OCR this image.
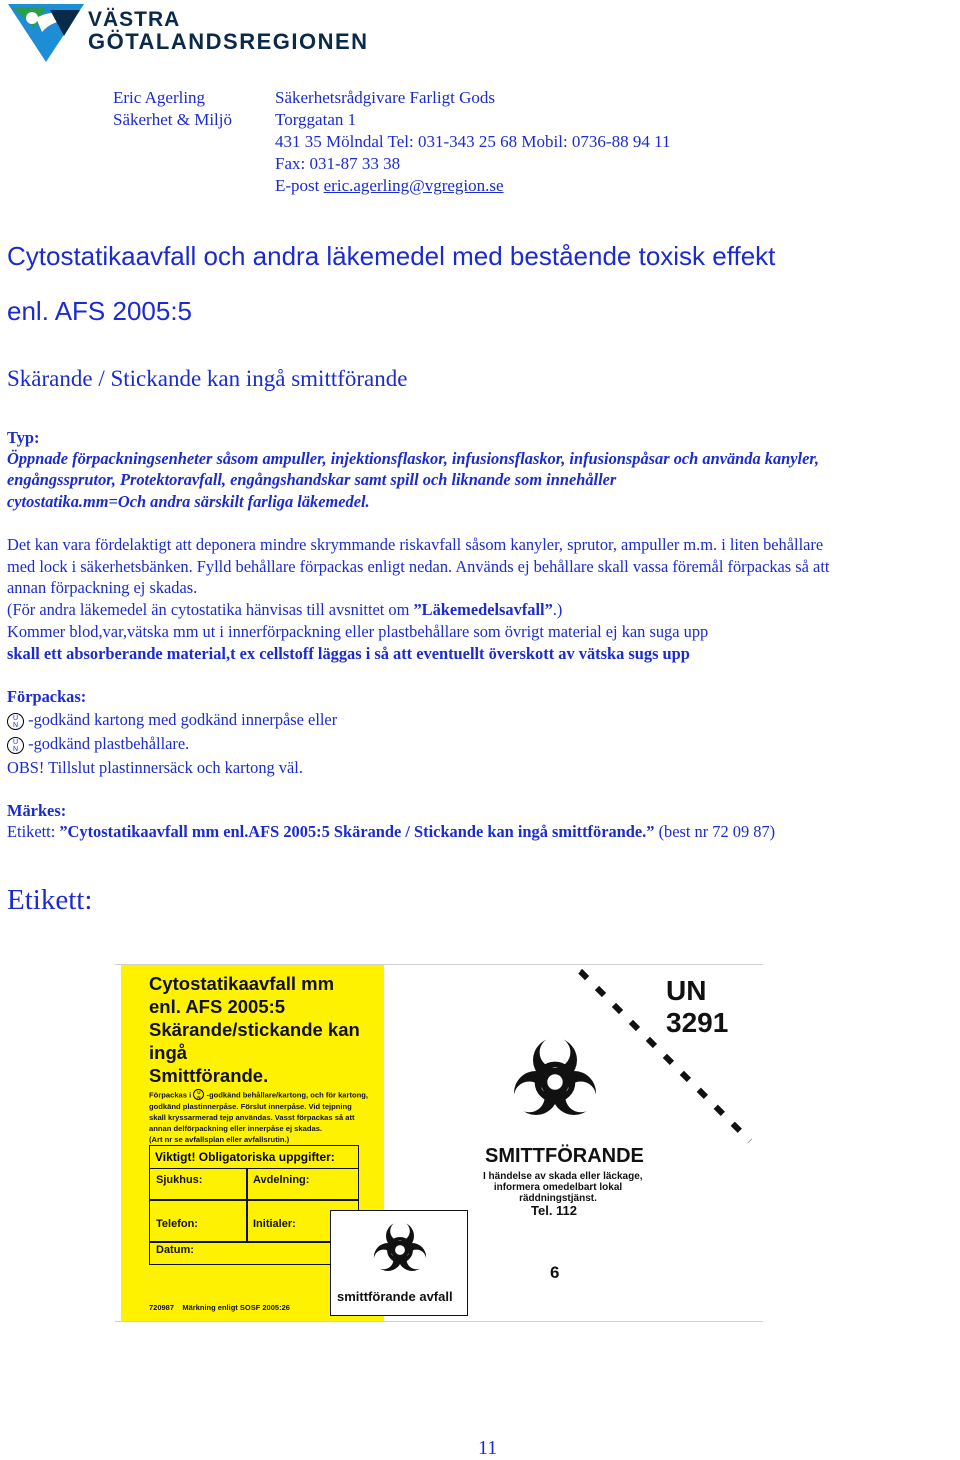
VÄSTRA
GÖTALANDSREGIONEN
Eric Agerling
Säkerhet & Miljö
Säkerhetsrådgivare Farligt Gods
Torggatan 1
431 35 Mölndal Tel: 031-343 25 68 Mobil: 0736-88 94 11
Fax: 031-87 33 38
E-post eric.agerling@vgregion.se
Cytostatikaavfall och andra läkemedel med bestående toxisk effekt
enl. AFS 2005:5
Skärande / Stickande kan ingå smittförande
Typ:
Öppnade förpackningsenheter såsom ampuller, injektionsflaskor, infusionsflaskor, infusionspåsar och använda kanyler,
engångssprutor, Protektoravfall, engångshandskar samt spill och liknande som innehåller
cytostatika.mm=Och andra särskilt farliga läkemedel.
Det kan vara fördelaktigt att deponera mindre skrymmande riskavfall såsom kanyler, sprutor, ampuller m.m. i liten behållare
med lock i säkerhetsbänken. Fylld behållare förpackas enligt nedan. Används ej behållare skall vassa föremål förpackas så att
annan förpackning ej skadas.
(För andra läkemedel än cytostatika hänvisas till avsnittet om ”Läkemedelsavfall”.)
Kommer blod,var,vätska mm ut i innerförpackning eller plastbehållare som övrigt material ej kan suga upp
skall ett absorberande material,t ex cellstoff läggas i så att eventuellt överskott av vätska sugs upp
Förpackas:
U
N -godkänd kartong med godkänd innerpåse eller
U
N -godkänd plastbehållare.
OBS! Tillslut plastinnersäck och kartong väl.
Märkes:
Etikett: ”Cytostatikaavfall mm enl.AFS 2005:5 Skärande / Stickande kan ingå smittförande.” (best nr 72 09 87)
Etikett:
Cytostatikaavfall mm
enl. AFS 2005:5
Skärande/stickande kan
ingå
Smittförande.
Förpackas i U
N -godkänd behållare/kartong, och för kartong,
godkänd plastinnerpåse. Förslut innerpåse. Vid tejpning
skall kryssarmerad tejp användas. Vasst förpackas så att
annan delförpackning eller innerpåse ej skadas.
(Art nr se avfallsplan eller avfallsrutin.)
Viktigt! Obligatoriska uppgifter:
Sjukhus:	Avdelning:
Telefon:	Initialer:
Datum:
720987 Märkning enligt SOSF 2005:26
smittförande avfall
UN
3291
SMITTFÖRANDE
I händelse av skada eller läckage,
informera omedelbart lokal
räddningstjänst.
Tel. 112
6
11
